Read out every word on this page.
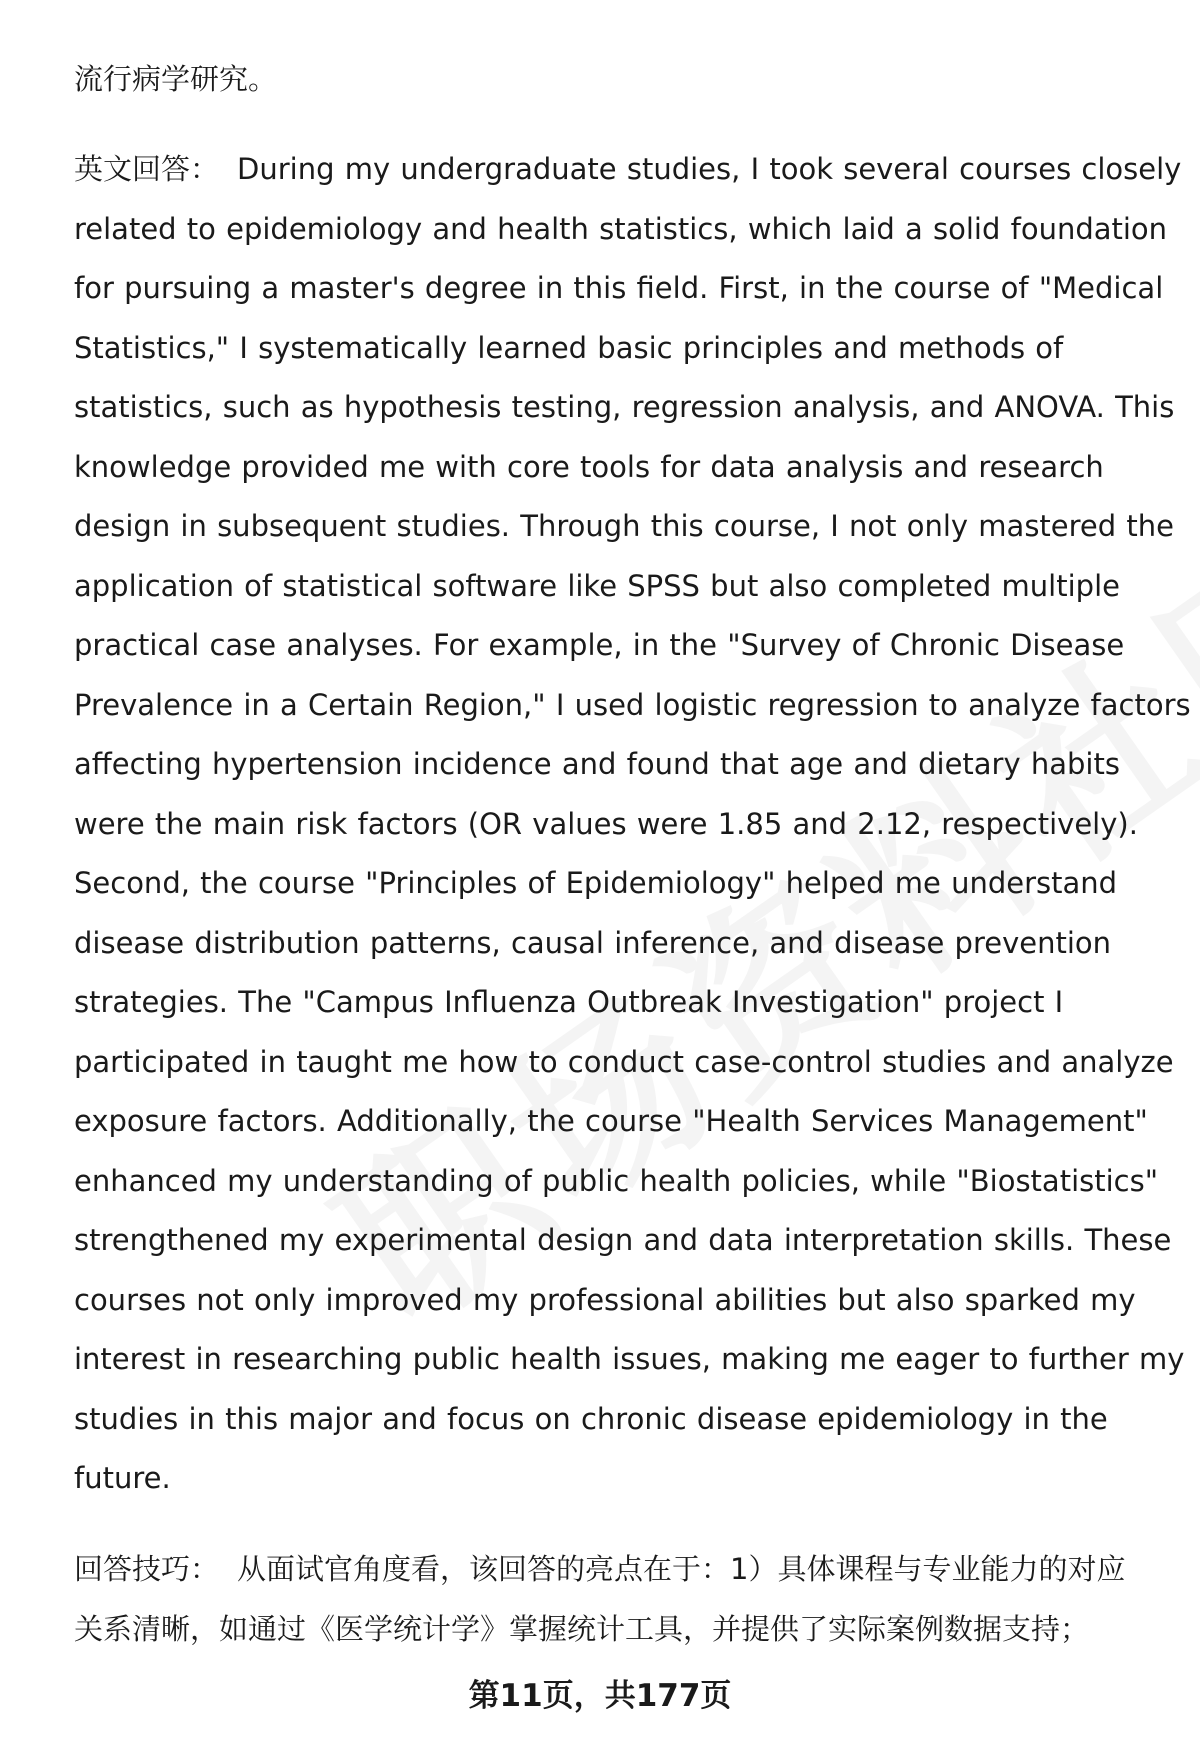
流行病学研究。
英文回答： During my undergraduate studies, I took several courses closely
related to epidemiology and health statistics, which laid a solid foundation
for pursuing a master's degree in this field. First, in the course of "Medical
Statistics," I systematically learned basic principles and methods of
statistics, such as hypothesis testing, regression analysis, and ANOVA. This
knowledge provided me with core tools for data analysis and research
design in subsequent studies. Through this course, I not only mastered the
application of statistical software like SPSS but also completed multiple
practical case analyses. For example, in the "Survey of Chronic Disease
Prevalence in a Certain Region," I used logistic regression to analyze factors
affecting hypertension incidence and found that age and dietary habits
were the main risk factors (OR values were 1.85 and 2.12, respectively).
Second, the course "Principles of Epidemiology" helped me understand
disease distribution patterns, causal inference, and disease prevention
strategies. The "Campus Influenza Outbreak Investigation" project I
participated in taught me how to conduct case-control studies and analyze
exposure factors. Additionally, the course "Health Services Management"
enhanced my understanding of public health policies, while "Biostatistics"
strengthened my experimental design and data interpretation skills. These
courses not only improved my professional abilities but also sparked my
interest in researching public health issues, making me eager to further my
studies in this major and focus on chronic disease epidemiology in the
future.
回答技巧： 从面试官角度看，该回答的亮点在于：1）具体课程与专业能力的对应
关系清晰，如通过《医学统计学》掌握统计工具，并提供了实际案例数据支持；
第11页，共177页
